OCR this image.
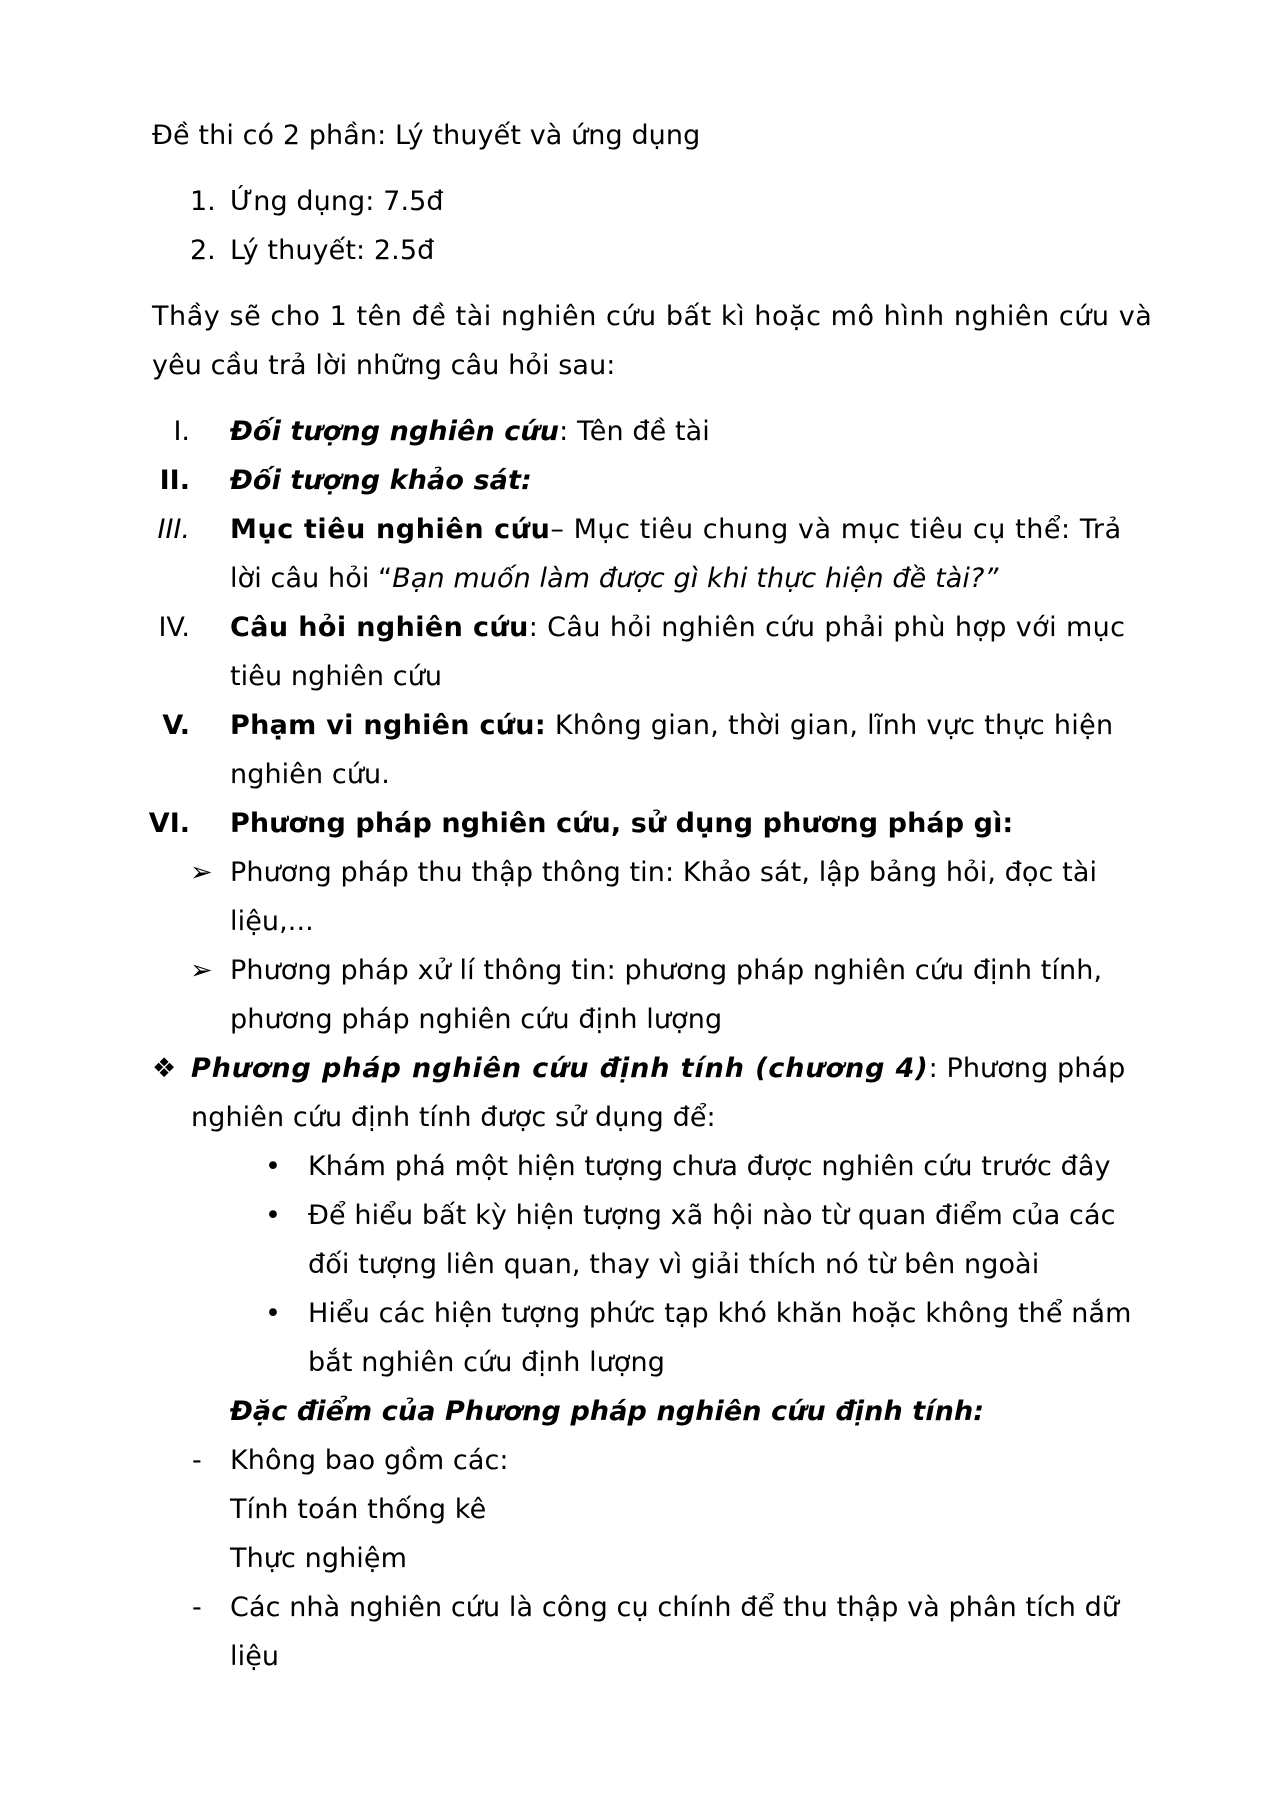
Đề thi có 2 phần: Lý thuyết và ứng dụng
1. Ứng dụng: 7.5đ
2. Lý thuyết: 2.5đ
Thầy sẽ cho 1 tên đề tài nghiên cứu bất kì hoặc mô hình nghiên cứu và
yêu cầu trả lời những câu hỏi sau:
I. Đối tượng nghiên cứu: Tên đề tài
II. Đối tượng khảo sát:
III. Mục tiêu nghiên cứu – Mục tiêu chung và mục tiêu cụ thể: Trả
lời câu hỏi “Bạn muốn làm được gì khi thực hiện đề tài?”
IV. Câu hỏi nghiên cứu: Câu hỏi nghiên cứu phải phù hợp với mục
tiêu nghiên cứu
V. Phạm vi nghiên cứu: Không gian, thời gian, lĩnh vực thực hiện
nghiên cứu.
VI. Phương pháp nghiên cứu, sử dụng phương pháp gì:
➢ Phương pháp thu thập thông tin: Khảo sát, lập bảng hỏi, đọc tài
liệu,...
➢ Phương pháp xử lí thông tin: phương pháp nghiên cứu định tính,
phương pháp nghiên cứu định lượng
❖ Phương pháp nghiên cứu định tính (chương 4): Phương pháp
nghiên cứu định tính được sử dụng để:
• Khám phá một hiện tượng chưa được nghiên cứu trước đây
• Để hiểu bất kỳ hiện tượng xã hội nào từ quan điểm của các
đối tượng liên quan, thay vì giải thích nó từ bên ngoài
• Hiểu các hiện tượng phức tạp khó khăn hoặc không thể nắm
bắt nghiên cứu định lượng
Đặc điểm của Phương pháp nghiên cứu định tính:
- Không bao gồm các:
Tính toán thống kê
Thực nghiệm
- Các nhà nghiên cứu là công cụ chính để thu thập và phân tích dữ
liệu
